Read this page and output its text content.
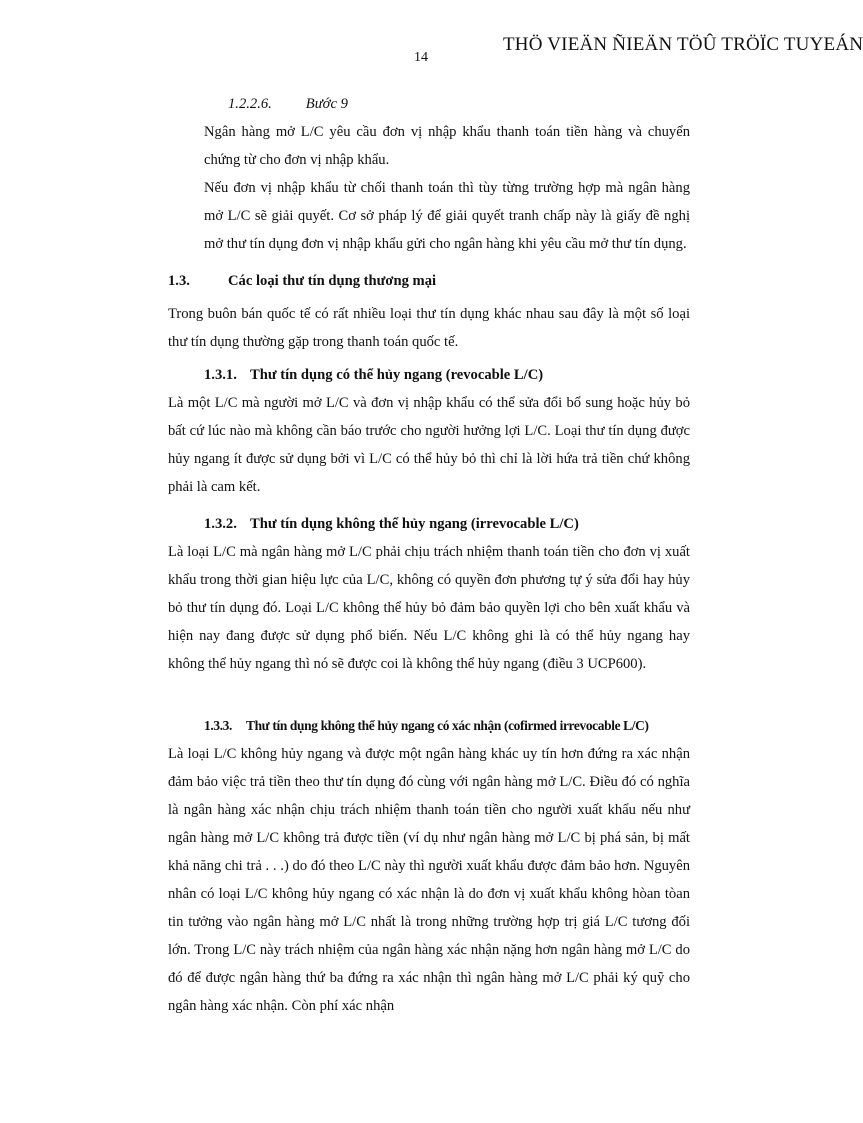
14
THÖ VIEÄN ÑIEÄN TÖÛ TRÖÏC TUYEÁN
1.2.2.6. Bước 9

Ngân hàng mở L/C yêu cầu đơn vị nhập khẩu thanh toán tiền hàng và chuyển chứng từ cho đơn vị nhập khẩu.

Nếu đơn vị nhập khẩu từ chối thanh toán thì tùy từng trường hợp mà ngân hàng mở L/C sẽ giải quyết. Cơ sở pháp lý để giải quyết tranh chấp này là giấy đề nghị mở thư tín dụng đơn vị nhập khẩu gửi cho ngân hàng khi yêu cầu mở thư tín dụng.

1.3.	Các loại thư tín dụng thương mại

Trong buôn bán quốc tế có rất nhiều loại thư tín dụng khác nhau sau đây là một số loại thư tín dụng thường gặp trong thanh toán quốc tế.

1.3.1. Thư tín dụng có thể hủy ngang (revocable L/C)

Là một L/C mà người mở L/C và đơn vị nhập khẩu có thể sửa đổi bổ sung hoặc hủy bỏ bất cứ lúc nào mà không cần báo trước cho người hưởng lợi L/C. Loại thư tín dụng được hủy ngang ít được sử dụng bởi vì L/C có thể hủy bỏ thì chỉ là lời hứa trả tiền chứ không phải là cam kết.

1.3.2. Thư tín dụng không thể hủy ngang (irrevocable L/C)

Là loại L/C mà ngân hàng mở L/C phải chịu trách nhiệm thanh toán tiền cho đơn vị xuất khẩu trong thời gian hiệu lực của L/C, không có quyền đơn phương tự ý sửa đổi hay hủy bỏ thư tín dụng đó. Loại L/C không thể hủy bỏ đảm bảo quyền lợi cho bên xuất khẩu và hiện nay đang được sử dụng phổ biến. Nếu L/C không ghi là có thể hủy ngang hay không thể hủy ngang thì nó sẽ được coi là không thể hủy ngang (điều 3 UCP600).

1.3.3. Thư tín dụng không thể hủy ngang có xác nhận (cofirmed irrevocable L/C)

Là loại L/C không hủy ngang và được một ngân hàng khác uy tín hơn đứng ra xác nhận đảm bảo việc trả tiền theo thư tín dụng đó cùng với ngân hàng mở L/C. Điều đó có nghĩa là ngân hàng xác nhận chịu trách nhiệm thanh toán tiền cho người xuất khẩu nếu như ngân hàng mở L/C không trả được tiền (ví dụ như ngân hàng mở L/C bị phá sản, bị mất khả năng chi trả . . .) do đó theo L/C này thì người xuất khẩu được đảm bảo hơn. Nguyên nhân có loại L/C không hủy ngang có xác nhận là do đơn vị xuất khẩu không hòan tòan tin tưởng vào ngân hàng mở L/C nhất là trong những trường hợp trị giá L/C tương đối lớn. Trong L/C này trách nhiệm của ngân hàng xác nhận nặng hơn ngân hàng mở L/C do đó để được ngân hàng thứ ba đứng ra xác nhận thì ngân hàng mở L/C phải ký quỹ cho ngân hàng xác nhận. Còn phí xác nhận
